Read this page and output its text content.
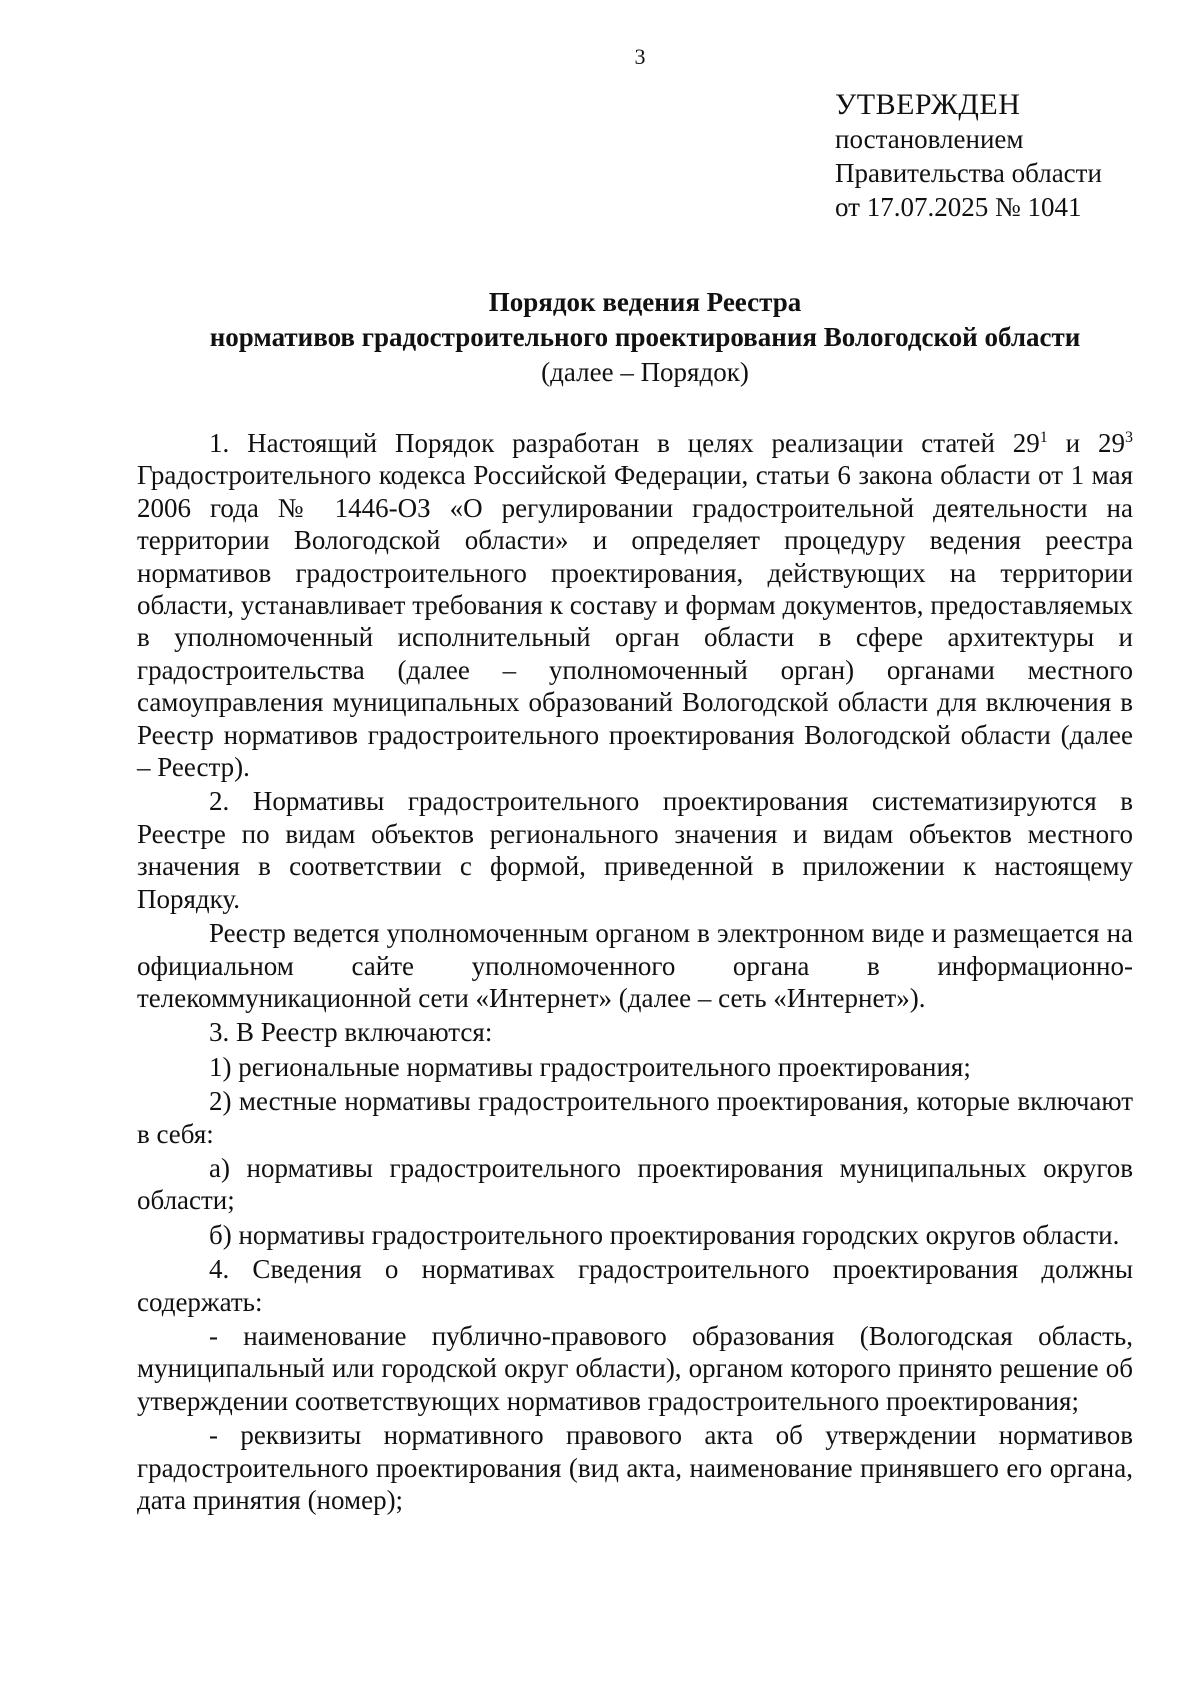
3
УТВЕРЖДЕН
постановлением
Правительства области
от 17.07.2025 № 1041
Порядок ведения Реестра
нормативов градостроительного проектирования Вологодской области
(далее – Порядок)

1. Настоящий Порядок разработан в целях реализации статей $29^1$ и $29^3$ Градостроительного кодекса Российской Федерации, статьи 6 закона области от 1 мая 2006 года № 1446-ОЗ «О регулировании градостроительной деятельности на территории Вологодской области» и определяет процедуру ведения реестра нормативов градостроительного проектирования, действующих на территории области, устанавливает требования к составу и формам документов, предоставляемых в уполномоченный исполнительный орган области в сфере архитектуры и градостроительства (далее – уполномоченный орган) органами местного самоуправления муниципальных образований Вологодской области для включения в Реестр нормативов градостроительного проектирования Вологодской области (далее – Реестр).

2. Нормативы градостроительного проектирования систематизируются в Реестре по видам объектов регионального значения и видам объектов местного значения в соответствии с формой, приведенной в приложении к настоящему Порядку.

Реестр ведется уполномоченным органом в электронном виде и размещается на официальном сайте уполномоченного органа в информационно-телекоммуникационной сети «Интернет» (далее – сеть «Интернет»).

3. В Реестр включаются:

1) региональные нормативы градостроительного проектирования;

2) местные нормативы градостроительного проектирования, которые включают в себя:

а) нормативы градостроительного проектирования муниципальных округов области;

б) нормативы градостроительного проектирования городских округов области.

4. Сведения о нормативах градостроительного проектирования должны содержать:

- наименование публично-правового образования (Вологодская область, муниципальный или городской округ области), органом которого принято решение об утверждении соответствующих нормативов градостроительного проектирования;

- реквизиты нормативного правового акта об утверждении нормативов градостроительного проектирования (вид акта, наименование принявшего его органа, дата принятия (номер);
